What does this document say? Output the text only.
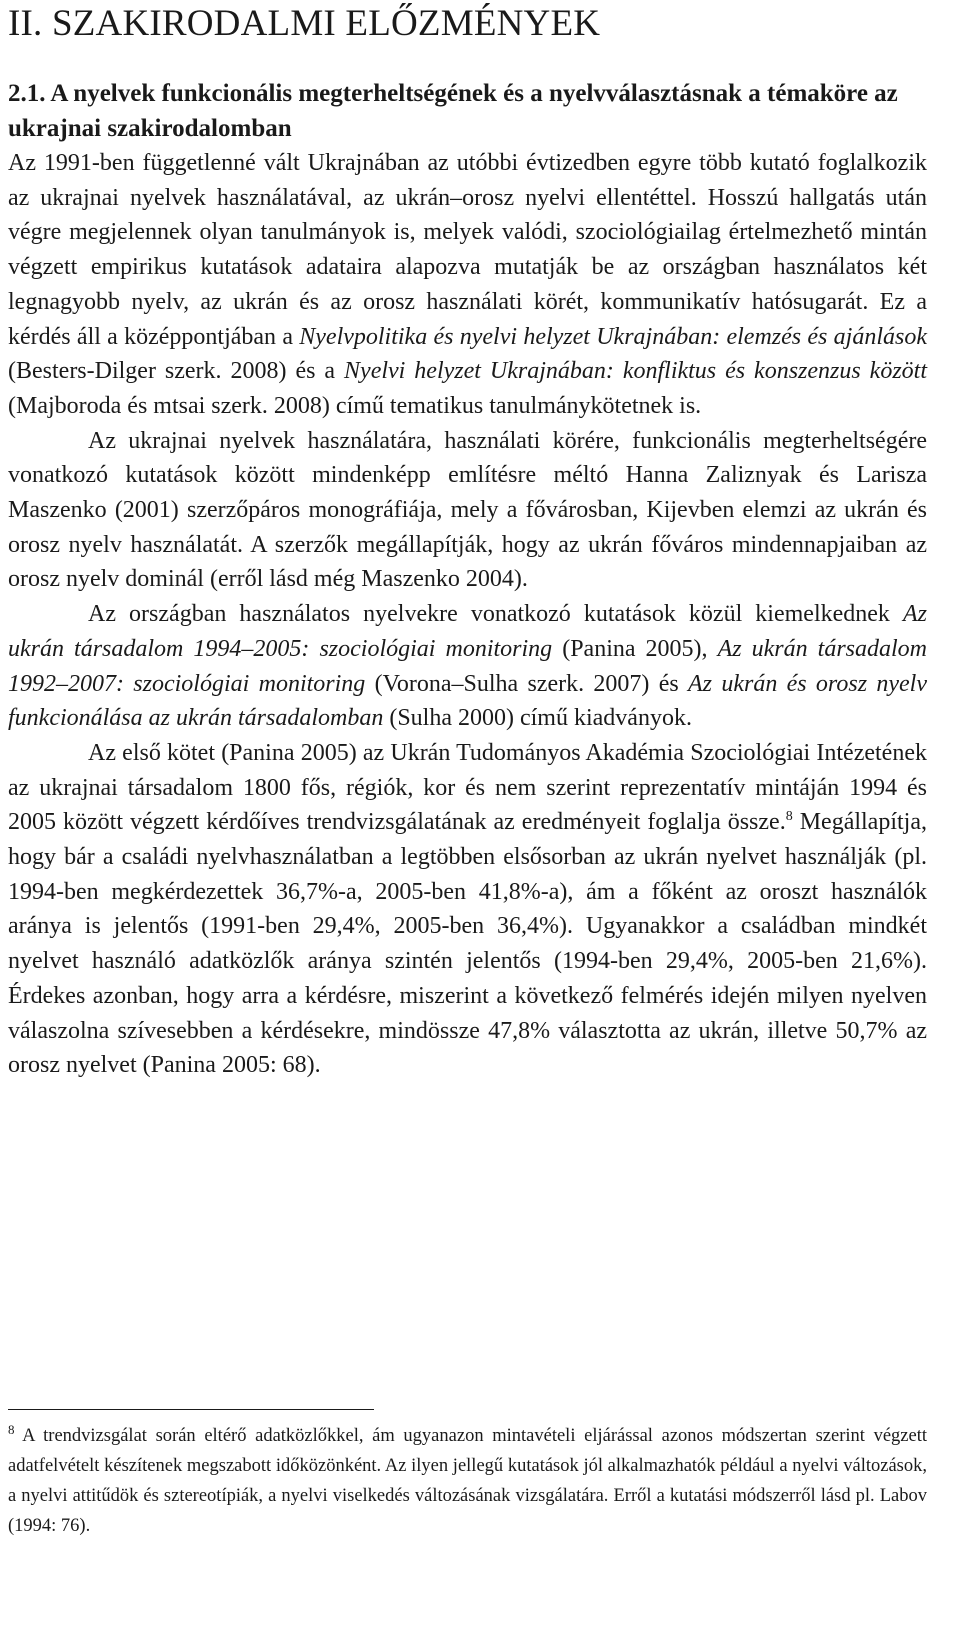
II. SZAKIRODALMI ELŐZMÉNYEK
2.1. A nyelvek funkcionális megterheltségének és a nyelvválasztásnak a témaköre az ukrajnai szakirodalomban

Az 1991-ben függetlenné vált Ukrajnában az utóbbi évtizedben egyre több kutató foglalkozik az ukrajnai nyelvek használatával, az ukrán–orosz nyelvi ellentéttel. Hosszú hallgatás után végre megjelennek olyan tanulmányok is, melyek valódi, szociológiailag értelmezhető mintán végzett empirikus kutatások adataira alapozva mutatják be az országban használatos két legnagyobb nyelv, az ukrán és az orosz használati körét, kommunikatív hatósugarát. Ez a kérdés áll a középpontjában a Nyelvpolitika és nyelvi helyzet Ukrajnában: elemzés és ajánlások (Besters-Dilger szerk. 2008) és a Nyelvi helyzet Ukrajnában: konfliktus és konszenzus között (Majboroda és mtsai szerk. 2008) című tematikus tanulmánykötetnek is.

Az ukrajnai nyelvek használatára, használati körére, funkcionális megterheltségére vonatkozó kutatások között mindenképp említésre méltó Hanna Zaliznyak és Larisza Maszenko (2001) szerzőpáros monográfiája, mely a fővárosban, Kijevben elemzi az ukrán és orosz nyelv használatát. A szerzők megállapítják, hogy az ukrán főváros mindennapjaiban az orosz nyelv dominál (erről lásd még Maszenko 2004).

Az országban használatos nyelvekre vonatkozó kutatások közül kiemelkednek Az ukrán társadalom 1994–2005: szociológiai monitoring (Panina 2005), Az ukrán társadalom 1992–2007: szociológiai monitoring (Vorona–Sulha szerk. 2007) és Az ukrán és orosz nyelv funkcionálása az ukrán társadalomban (Sulha 2000) című kiadványok.

Az első kötet (Panina 2005) az Ukrán Tudományos Akadémia Szociológiai Intézetének az ukrajnai társadalom 1800 fős, régiók, kor és nem szerint reprezentatív mintáján 1994 és 2005 között végzett kérdőíves trendvizsgálatának az eredményeit foglalja össze.$^8$ Megállapítja, hogy bár a családi nyelvhasználatban a legtöbben elsősorban az ukrán nyelvet használják (pl. 1994-ben megkérdezettek 36,7%-a, 2005-ben 41,8%-a), ám a főként az oroszt használók aránya is jelentős (1991-ben 29,4%, 2005-ben 36,4%). Ugyanakkor a családban mindkét nyelvet használó adatközlők aránya szintén jelentős (1994-ben 29,4%, 2005-ben 21,6%). Érdekes azonban, hogy arra a kérdésre, miszerint a következő felmérés idején milyen nyelven válaszolna szívesebben a kérdésekre, mindössze 47,8% választotta az ukrán, illetve 50,7% az orosz nyelvet (Panina 2005: 68).

$^8$ A trendvizsgálat során eltérő adatközlőkkel, ám ugyanazon mintavételi eljárással azonos módszertan szerint végzett adatfelvételt készítenek megszabott időközönként. Az ilyen jellegű kutatások jól alkalmazhatók például a nyelvi változások, a nyelvi attitűdök és sztereotípiák, a nyelvi viselkedés változásának vizsgálatára. Erről a kutatási módszerről lásd pl. Labov (1994: 76).
